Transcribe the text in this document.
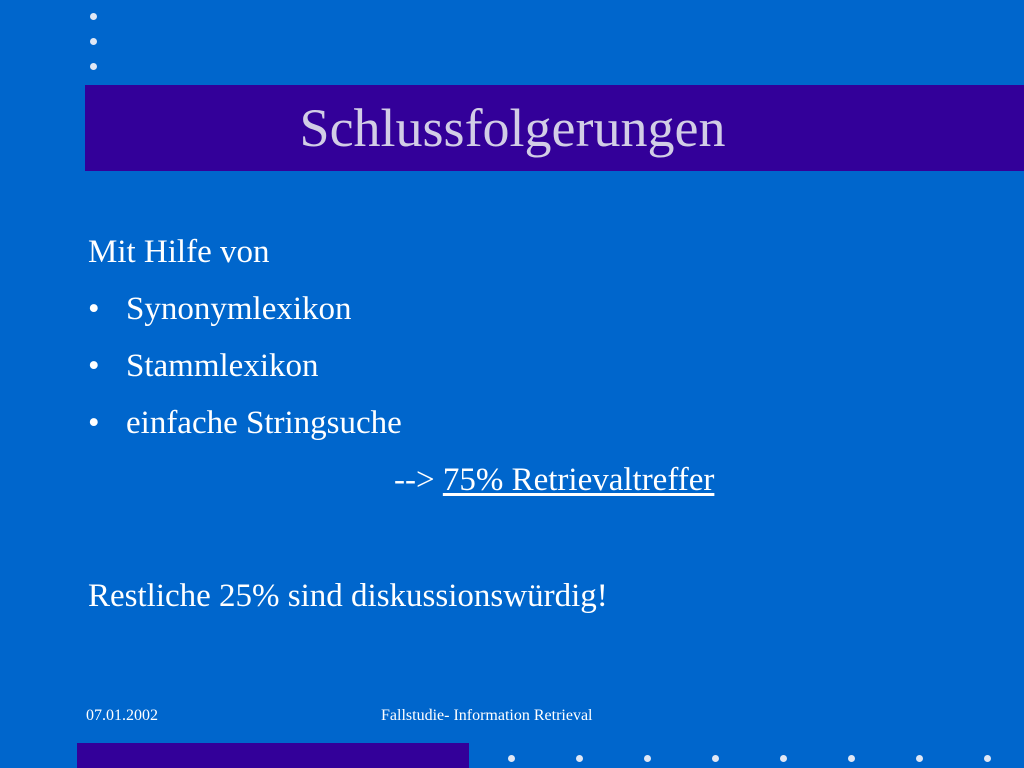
Schlussfolgerungen
Mit Hilfe von
• Synonymlexikon
• Stammlexikon
• einfache Stringsuche
--> 75% Retrievaltreffer
Restliche 25% sind diskussionswürdig!
07.01.2002	Fallstudie- Information Retrieval
